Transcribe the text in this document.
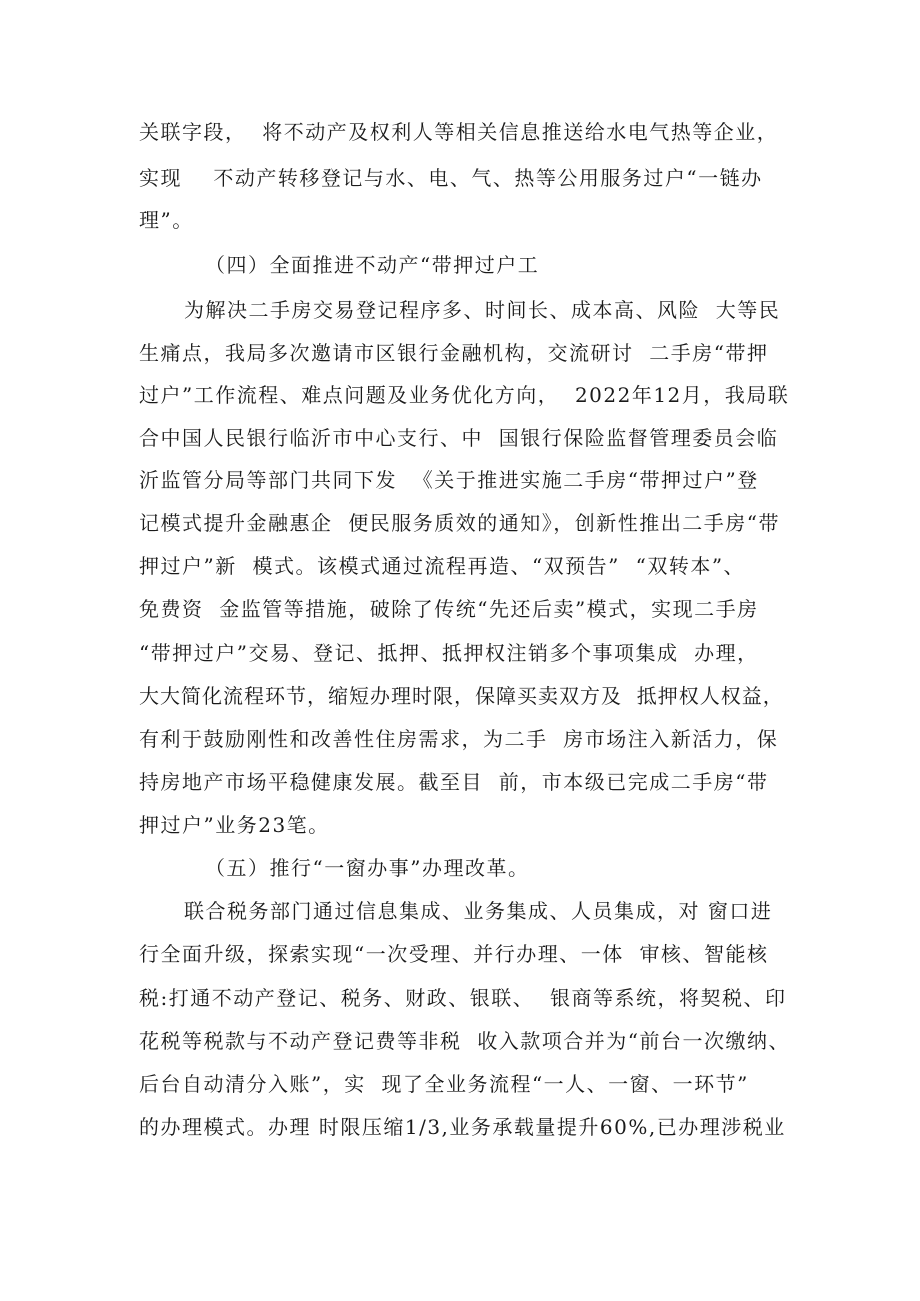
关联字段，  将不动产及权利人等相关信息推送给水电气热等企业，
实现    不动产转移登记与水、电、气、热等公用服务过户“一链办
理”。
（四）全面推进不动产“带押过户工
为解决二手房交易登记程序多、时间长、成本高、风险  大等民
生痛点，我局多次邀请市区银行金融机构，交流研讨  二手房“带押
过户”工作流程、难点问题及业务优化方向，  2022年12月，我局联
合中国人民银行临沂市中心支行、中  国银行保险监督管理委员会临
沂监管分局等部门共同下发  《关于推进实施二手房“带押过户”登
记模式提升金融惠企  便民服务质效的通知》，创新性推出二手房“带
押过户”新  模式。该模式通过流程再造、“双预告”  “双转本”、
免费资  金监管等措施，破除了传统“先还后卖”模式，实现二手房
“带押过户”交易、登记、抵押、抵押权注销多个事项集成  办理，
大大简化流程环节，缩短办理时限，保障买卖双方及  抵押权人权益，
有利于鼓励刚性和改善性住房需求，为二手  房市场注入新活力，保
持房地产市场平稳健康发展。截至目  前，市本级已完成二手房“带
押过户”业务23笔。
（五）推行“一窗办事”办理改革。
联合税务部门通过信息集成、业务集成、人员集成，对 窗口进
行全面升级，探索实现“一次受理、并行办理、一体  审核、智能核
税:打通不动产登记、税务、财政、银联、  银商等系统，将契税、印
花税等税款与不动产登记费等非税  收入款项合并为“前台一次缴纳、
后台自动清分入账”，实  现了全业务流程“一人、一窗、一环节”
的办理模式。办理 时限压缩1/3,业务承载量提升60%,已办理涉税业
